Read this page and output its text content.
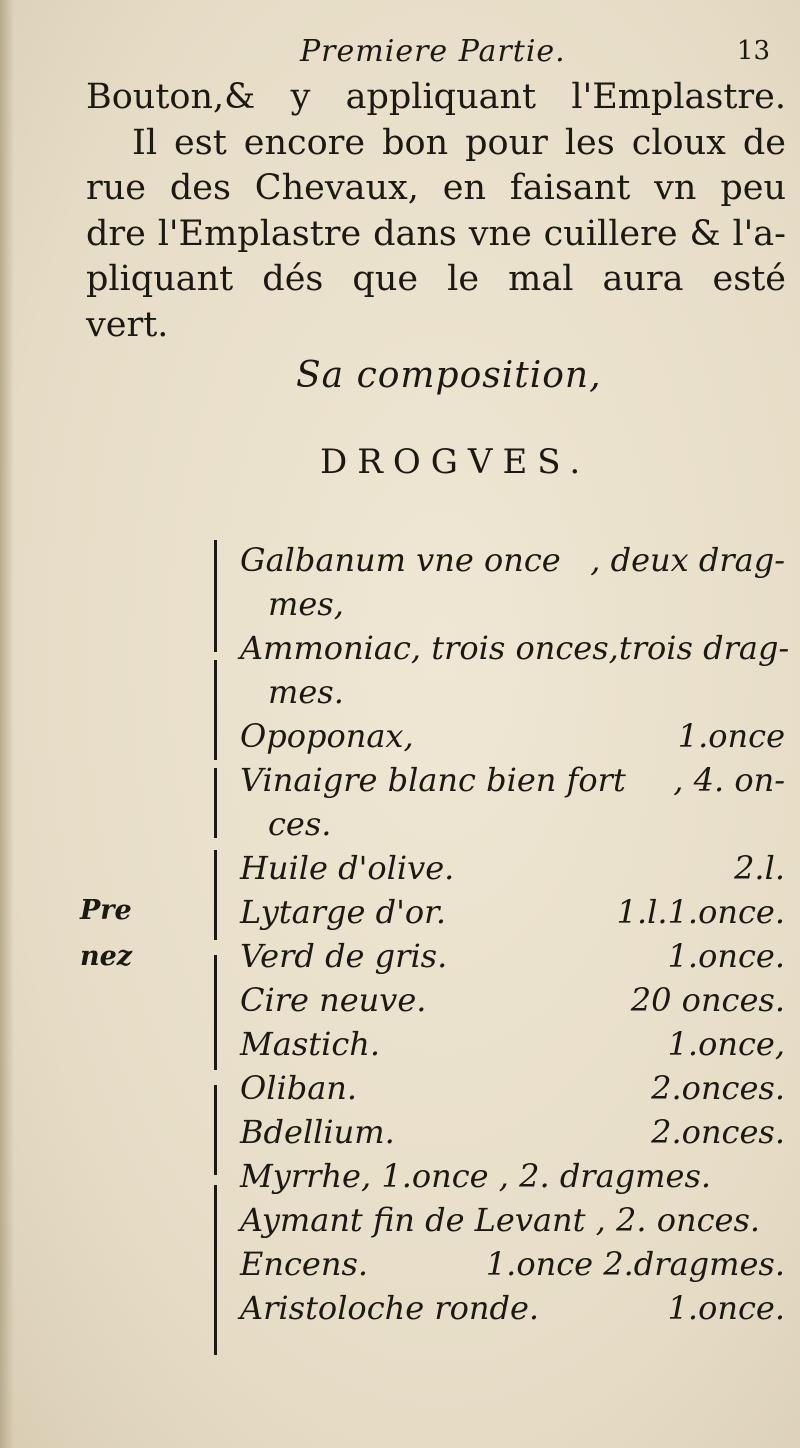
Premiere Partie.	13
Bouton,& y appliquant l'Emplastre.
Il est encore bon pour les cloux de
rue des Chevaux, en faisant vn peu
dre l'Emplastre dans vne cuillere & l'a-
pliquant dés que le mal aura esté
vert.
Sa composition,
DROGVES.
Pre
nez
Galbanum vne once , deux drag-
mes,
Ammoniac, trois onces,trois drag-
mes.
Opoponax,	1.once
Vinaigre blanc bien fort , 4. on-
ces.
Huile d'olive.	2.l.
Lytarge d'or.	1.l.1.once.
Verd de gris.	1.once.
Cire neuve.	20 onces.
Mastich.	1.once,
Oliban.	2.onces.
Bdellium.	2.onces.
Myrrhe, 1.once , 2. dragmes.
Aymant fin de Levant , 2. onces.
Encens.	1.once 2.dragmes.
Aristoloche ronde.	1.once.
